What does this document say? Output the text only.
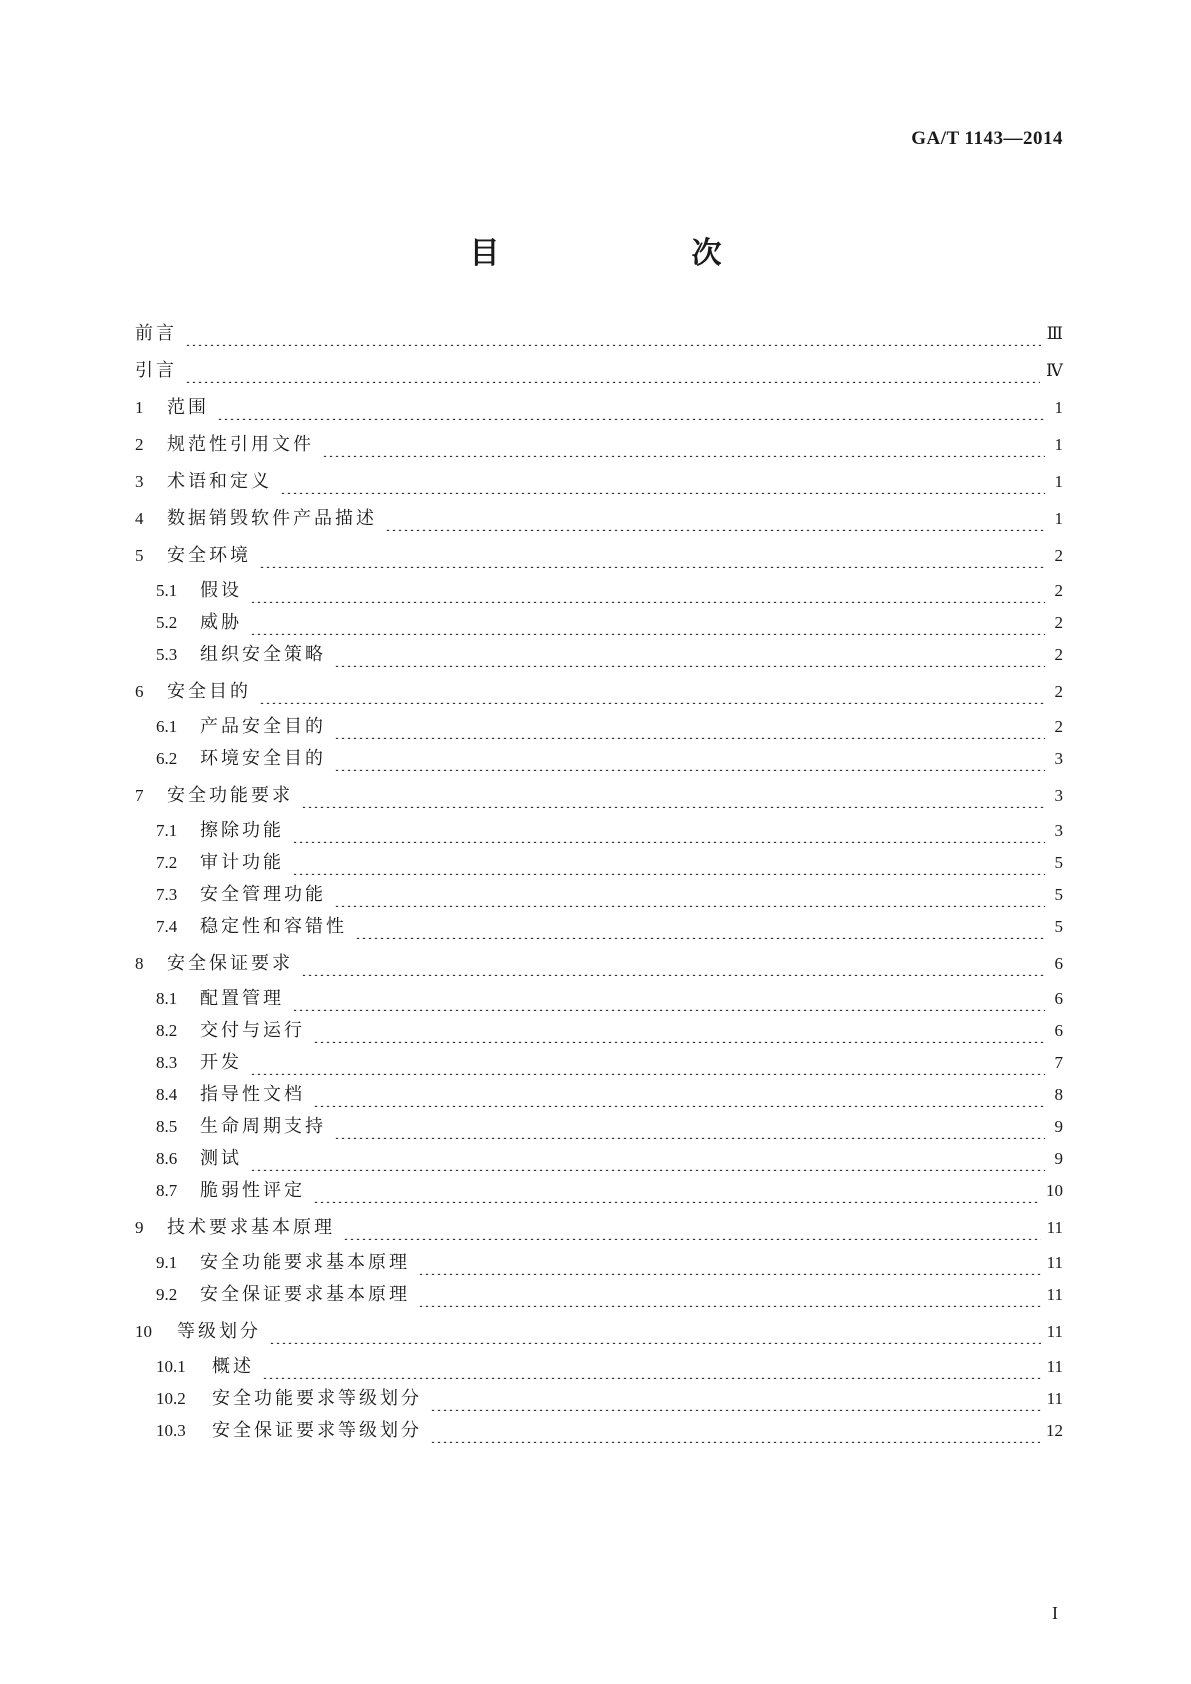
GA/T 1143—2014
目　　次
前言	Ⅲ
引言	Ⅳ
1	范围	1
2	规范性引用文件	1
3	术语和定义	1
4	数据销毁软件产品描述	1
5	安全环境	2
5.1	假设	2
5.2	威胁	2
5.3	组织安全策略	2
6	安全目的	2
6.1	产品安全目的	2
6.2	环境安全目的	3
7	安全功能要求	3
7.1	擦除功能	3
7.2	审计功能	5
7.3	安全管理功能	5
7.4	稳定性和容错性	5
8	安全保证要求	6
8.1	配置管理	6
8.2	交付与运行	6
8.3	开发	7
8.4	指导性文档	8
8.5	生命周期支持	9
8.6	测试	9
8.7	脆弱性评定	10
9	技术要求基本原理	11
9.1	安全功能要求基本原理	11
9.2	安全保证要求基本原理	11
10	等级划分	11
10.1	概述	11
10.2	安全功能要求等级划分	11
10.3	安全保证要求等级划分	12
I
